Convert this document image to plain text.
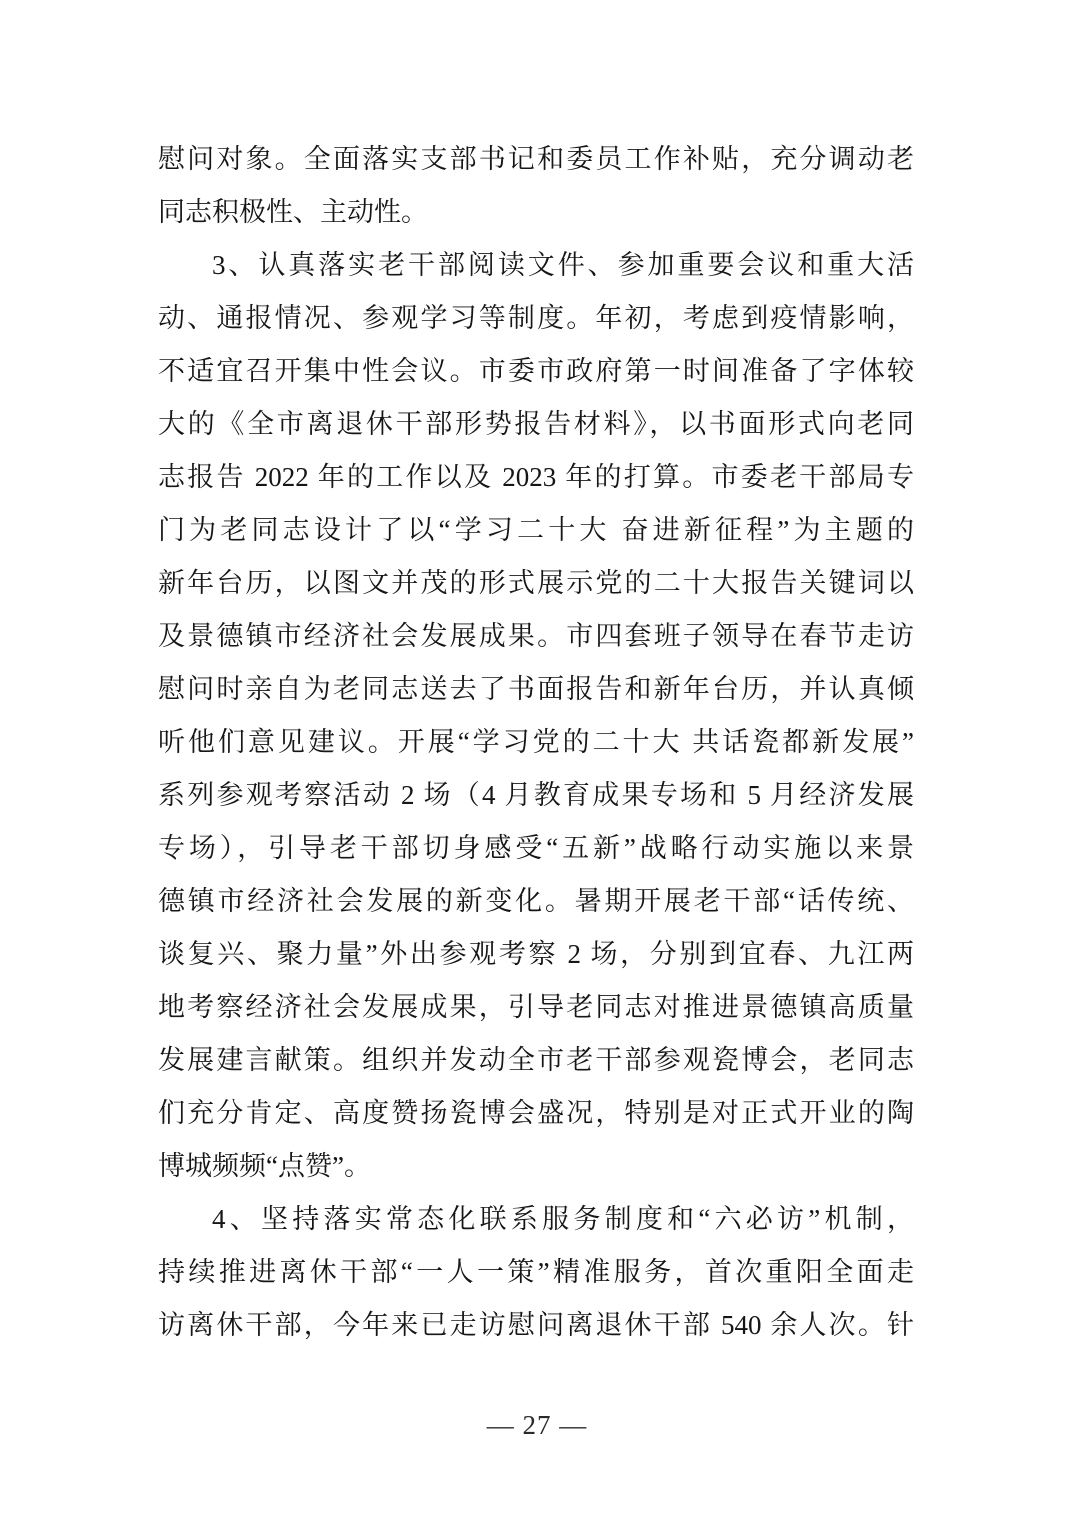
慰问对象。全面落实支部书记和委员工作补贴，充分调动老
同志积极性、主动性。
3、认真落实老干部阅读文件、参加重要会议和重大活
动、通报情况、参观学习等制度。年初，考虑到疫情影响，
不适宜召开集中性会议。市委市政府第一时间准备了字体较
大的《全市离退休干部形势报告材料》，以书面形式向老同
志报告 2022 年的工作以及 2023 年的打算。市委老干部局专
门为老同志设计了以“学习二十大 奋进新征程”为主题的
新年台历，以图文并茂的形式展示党的二十大报告关键词以
及景德镇市经济社会发展成果。市四套班子领导在春节走访
慰问时亲自为老同志送去了书面报告和新年台历，并认真倾
听他们意见建议。开展“学习党的二十大 共话瓷都新发展”
系列参观考察活动 2 场（4 月教育成果专场和 5 月经济发展
专场），引导老干部切身感受“五新”战略行动实施以来景
德镇市经济社会发展的新变化。暑期开展老干部“话传统、
谈复兴、聚力量”外出参观考察 2 场，分别到宜春、九江两
地考察经济社会发展成果，引导老同志对推进景德镇高质量
发展建言献策。组织并发动全市老干部参观瓷博会，老同志
们充分肯定、高度赞扬瓷博会盛况，特别是对正式开业的陶
博城频频“点赞”。
4、坚持落实常态化联系服务制度和“六必访”机制，
持续推进离休干部“一人一策”精准服务，首次重阳全面走
访离休干部，今年来已走访慰问离退休干部 540 余人次。针
— 27 —
